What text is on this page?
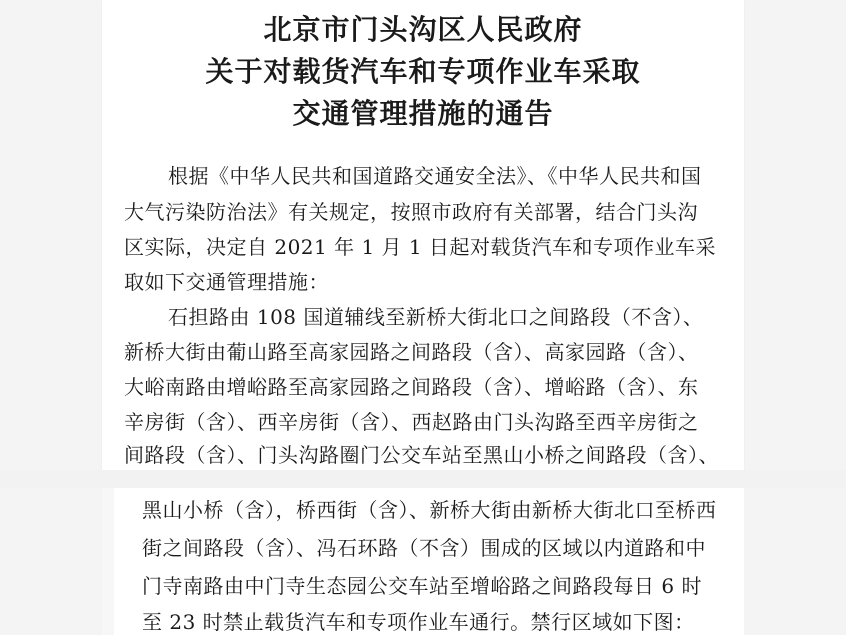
北京市门头沟区人民政府
关于对载货汽车和专项作业车采取
交通管理措施的通告
根据《中华人民共和国道路交通安全法》、《中华人民共和国
大气污染防治法》有关规定，按照市政府有关部署，结合门头沟
区实际，决定自 2021 年 1 月 1 日起对载货汽车和专项作业车采
取如下交通管理措施：
石担路由 108 国道辅线至新桥大街北口之间路段（不含）、
新桥大街由葡山路至高家园路之间路段（含）、高家园路（含）、
大峪南路由增峪路至高家园路之间路段（含）、增峪路（含）、东
辛房街（含）、西辛房街（含）、西赵路由门头沟路至西辛房街之
间路段（含）、门头沟路圈门公交车站至黑山小桥之间路段（含）、
黑山小桥（含），桥西街（含）、新桥大街由新桥大街北口至桥西
街之间路段（含）、冯石环路（不含）围成的区域以内道路和中
门寺南路由中门寺生态园公交车站至增峪路之间路段每日 6 时
至 23 时禁止载货汽车和专项作业车通行。禁行区域如下图：
